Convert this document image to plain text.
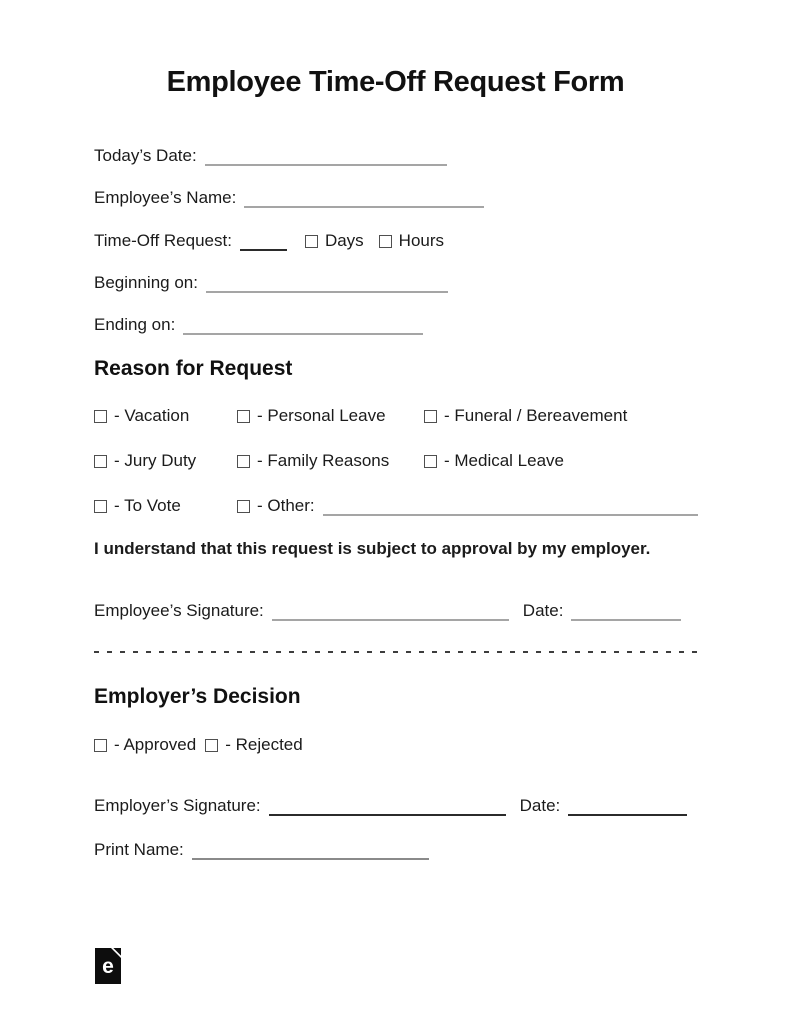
Employee Time-Off Request Form
Today’s Date:
Employee’s Name:
Time-Off Request:	Days Hours
Beginning on:
Ending on:
Reason for Request
- Vacation	- Personal Leave	- Funeral / Bereavement
- Jury Duty	- Family Reasons	- Medical Leave
- To Vote	- Other:
I understand that this request is subject to approval by my employer.
Employee’s Signature:	Date:
Employer’s Decision
- Approved - Rejected
Employer’s Signature:	Date:
Print Name:
e
